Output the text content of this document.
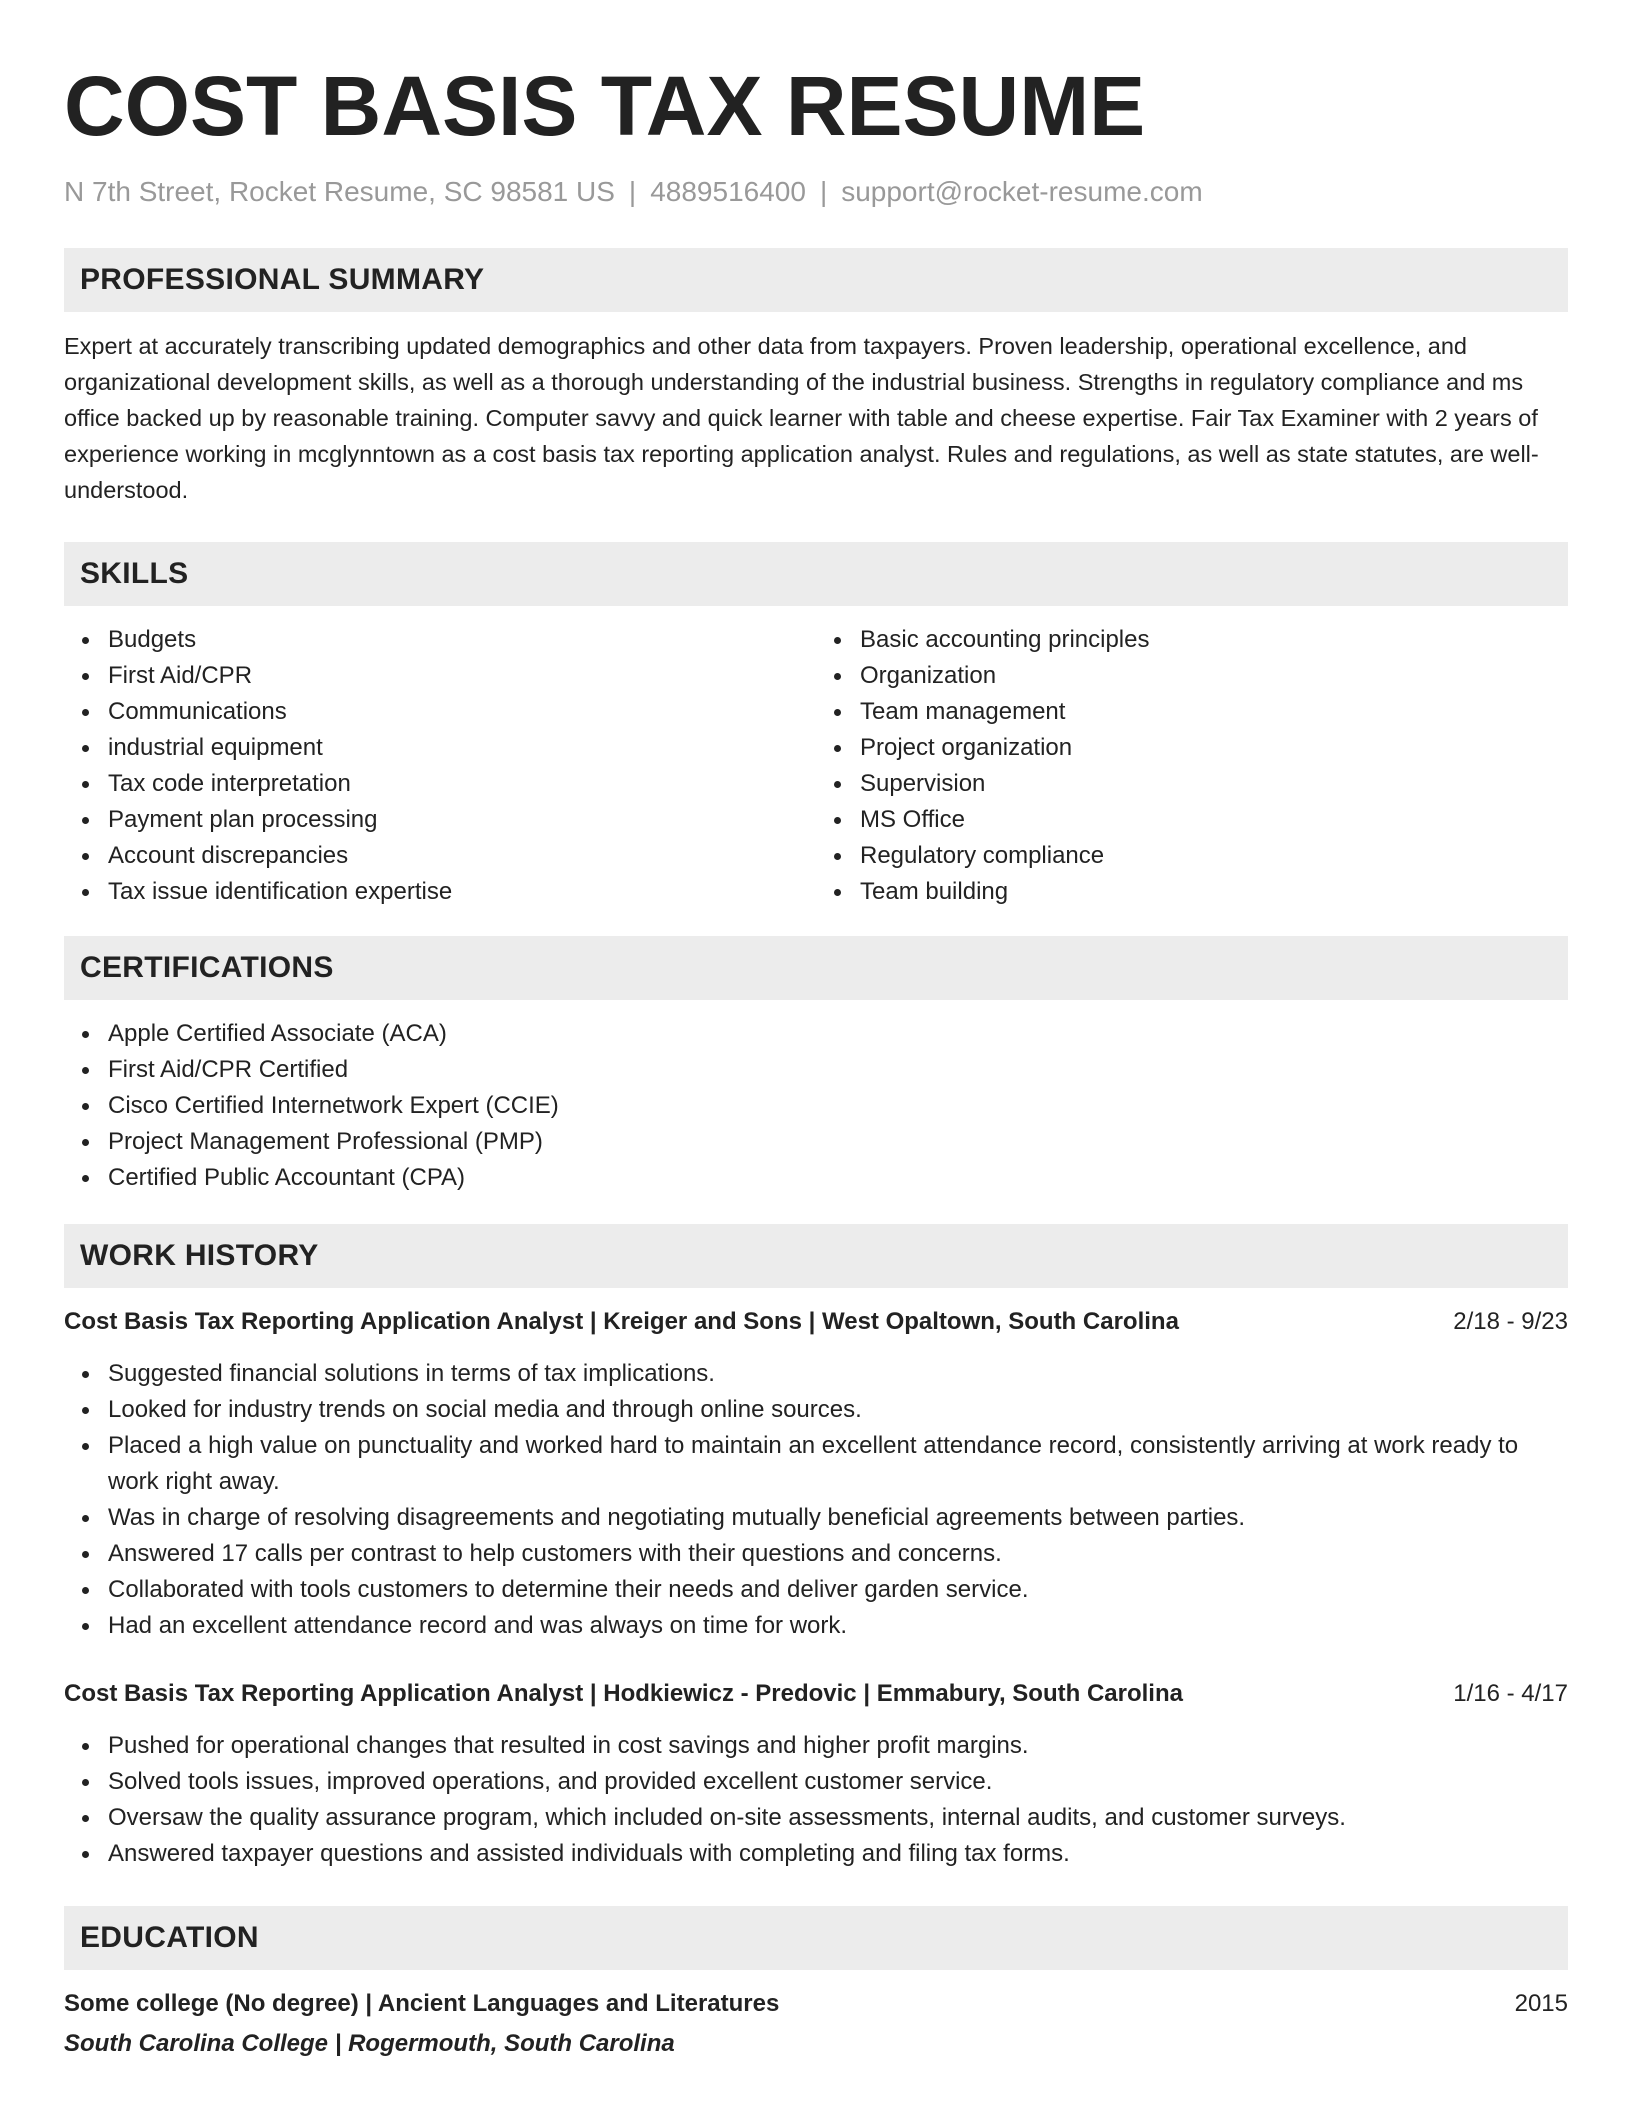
COST BASIS TAX RESUME
N 7th Street, Rocket Resume, SC 98581 US | 4889516400 | support@rocket-resume.com
PROFESSIONAL SUMMARY

Expert at accurately transcribing updated demographics and other data from taxpayers. Proven leadership, operational excellence, and organizational development skills, as well as a thorough understanding of the industrial business. Strengths in regulatory compliance and ms office backed up by reasonable training. Computer savvy and quick learner with table and cheese expertise. Fair Tax Examiner with 2 years of experience working in mcglynntown as a cost basis tax reporting application analyst. Rules and regulations, as well as state statutes, are well-understood.

SKILLS
Budgets
First Aid/CPR
Communications
industrial equipment
Tax code interpretation
Payment plan processing
Account discrepancies
Tax issue identification expertise
Basic accounting principles
Organization
Team management
Project organization
Supervision
MS Office
Regulatory compliance
Team building
CERTIFICATIONS
Apple Certified Associate (ACA)
First Aid/CPR Certified
Cisco Certified Internetwork Expert (CCIE)
Project Management Professional (PMP)
Certified Public Accountant (CPA)
WORK HISTORY
Cost Basis Tax Reporting Application Analyst | Kreiger and Sons | West Opaltown, South Carolina	2/18 - 9/23
Suggested financial solutions in terms of tax implications.
Looked for industry trends on social media and through online sources.
Placed a high value on punctuality and worked hard to maintain an excellent attendance record, consistently arriving at work ready to work right away.
Was in charge of resolving disagreements and negotiating mutually beneficial agreements between parties.
Answered 17 calls per contrast to help customers with their questions and concerns.
Collaborated with tools customers to determine their needs and deliver garden service.
Had an excellent attendance record and was always on time for work.
Cost Basis Tax Reporting Application Analyst | Hodkiewicz - Predovic | Emmabury, South Carolina	1/16 - 4/17
Pushed for operational changes that resulted in cost savings and higher profit margins.
Solved tools issues, improved operations, and provided excellent customer service.
Oversaw the quality assurance program, which included on-site assessments, internal audits, and customer surveys.
Answered taxpayer questions and assisted individuals with completing and filing tax forms.
EDUCATION
Some college (No degree) | Ancient Languages and Literatures	2015
South Carolina College | Rogermouth, South Carolina
